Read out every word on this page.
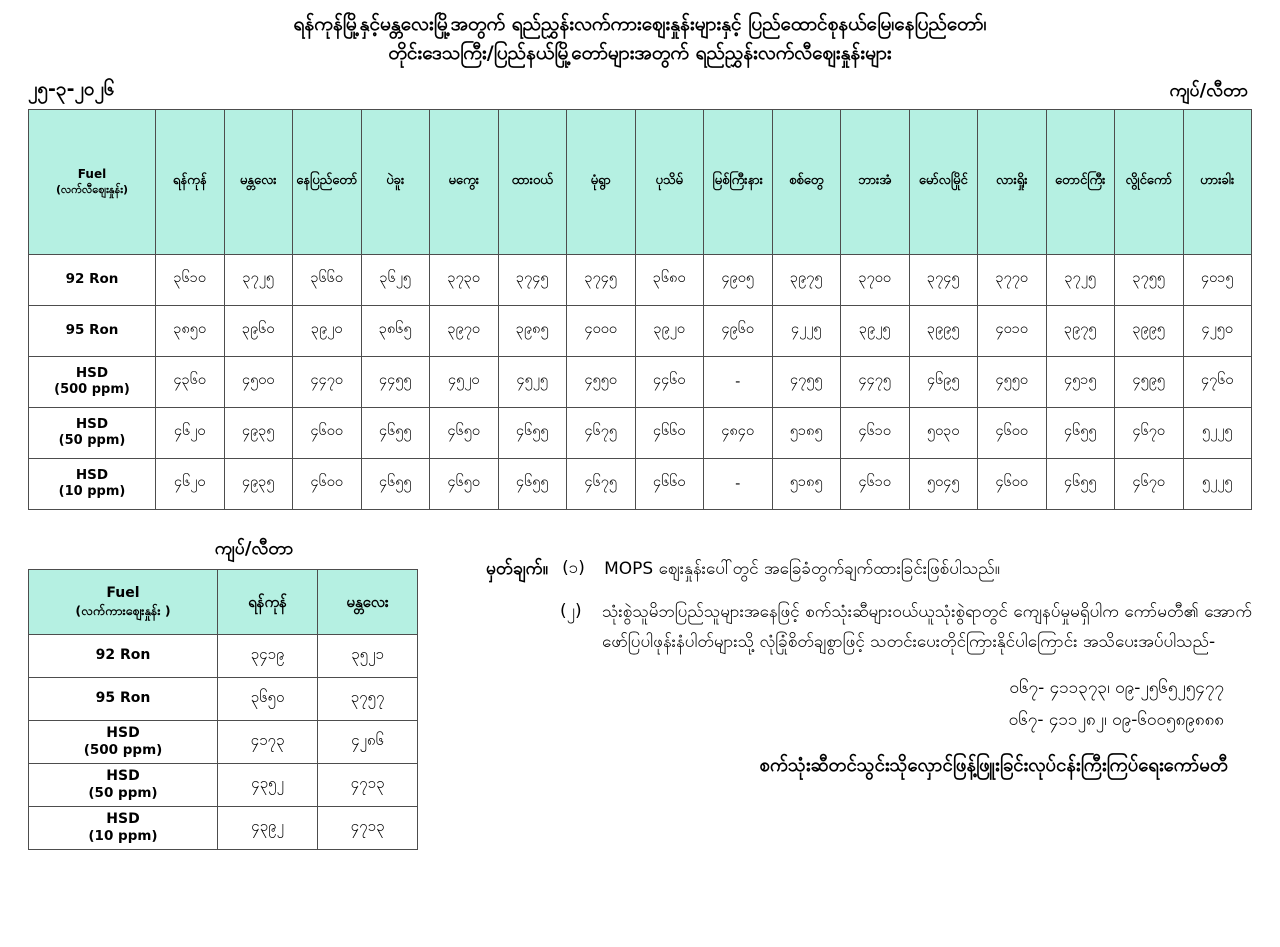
ရန်ကုန်မြို့နှင့်မန္တလေးမြို့အတွက် ရည်ညွှန်းလက်ကားဈေးနှုန်းများနှင့် ပြည်ထောင်စုနယ်မြေ၊နေပြည်တော်၊
တိုင်းဒေသကြီး/ပြည်နယ်မြို့တော်များအတွက် ရည်ညွှန်းလက်လီဈေးနှုန်းများ
၂၅-၃-၂၀၂၆	ကျပ်/လီတာ
Fuel
(လက်လီဈေးနှုန်း)	ရန်ကုန်	မန္တလေး	နေပြည်တော်	ပဲခူး	မကွေး	ထားဝယ်	မုံရွာ	ပုသိမ်	မြစ်ကြီးနား	စစ်တွေ	ဘားအံ	မော်လမြိုင်	လားရှိုး	တောင်ကြီး	လွိုင်ကော်	ဟားခါး
92 Ron	၃၆၁၀	၃၇၂၅	၃၆၆၀	၃၆၂၅	၃၇၃၀	၃၇၄၅	၃၇၄၅	၃၆၈၀	၄၉၀၅	၃၉၇၅	၃၇၀၀	၃၇၄၅	၃၇၇၀	၃၇၂၅	၃၇၅၅	၄၀၁၅
95 Ron	၃၈၅၀	၃၉၆၀	၃၉၂၀	၃၈၆၅	၃၉၇၀	၃၉၈၅	၄၀၀၀	၃၉၂၀	၄၉၆၀	၄၂၂၅	၃၉၂၅	၃၉၉၅	၄၀၁၀	၃၉၇၅	၃၉၉၅	၄၂၅၀
HSD
(500 ppm)	၄၃၆၀	၄၅၀၀	၄၄၇၀	၄၄၅၅	၄၅၂၀	၄၅၂၅	၄၅၅၀	၄၄၆၀	-	၄၇၅၅	၄၄၇၅	၄၆၉၅	၄၅၅၀	၄၅၁၅	၄၅၉၅	၄၇၆၀
HSD
(50 ppm)	၄၆၂၀	၄၉၃၅	၄၆၀၀	၄၆၅၅	၄၆၅၀	၄၆၅၅	၄၆၇၅	၄၆၆၀	၄၈၄၀	၅၁၈၅	၄၆၁၀	၅၀၃၀	၄၆၀၀	၄၆၅၅	၄၆၇၀	၅၂၂၅
HSD
(10 ppm)	၄၆၂၀	၄၉၃၅	၄၆၀၀	၄၆၅၅	၄၆၅၀	၄၆၅၅	၄၆၇၅	၄၆၆၀	-	၅၁၈၅	၄၆၁၀	၅၀၄၅	၄၆၀၀	၄၆၅၅	၄၆၇၀	၅၂၂၅
ကျပ်/လီတာ
Fuel
(လက်ကားဈေးနှုန်း )	ရန်ကုန်	မန္တလေး
92 Ron	၃၄၁၉	၃၅၂၁
95 Ron	၃၆၅၀	၃၇၅၇
HSD
(500 ppm)	၄၁၇၃	၄၂၈၆
HSD
(50 ppm)	၄၃၅၂	၄၇၁၃
HSD
(10 ppm)	၄၃၉၂	၄၇၁၃
မှတ်ချက်။ (၁)	MOPS ဈေးနှုန်းပေါ်တွင် အခြေခံတွက်ချက်ထားခြင်းဖြစ်ပါသည်။
(၂)	သုံးစွဲသူမိဘပြည်သူများအနေဖြင့် စက်သုံးဆီများဝယ်ယူသုံးစွဲရာတွင် ကျေနပ်မှုမရှိပါက ကော်မတီ၏ အောက်ဖော်ပြပါဖုန်းနံပါတ်များသို့ လုံခြုံစိတ်ချစွာဖြင့် သတင်းပေးတိုင်ကြားနိုင်ပါကြောင်း အသိပေးအပ်ပါသည်-
၀၆၇- ၄၁၁၃၇၃၊ ၀၉-၂၅၆၅၂၅၄၇၇
၀၆၇- ၄၁၁၂၈၂၊ ၀၉-၆၀၀၅၈၉၈၈၈
စက်သုံးဆီတင်သွင်းသိုလှောင်ဖြန့်ဖြူးခြင်းလုပ်ငန်းကြီးကြပ်ရေးကော်မတီ
